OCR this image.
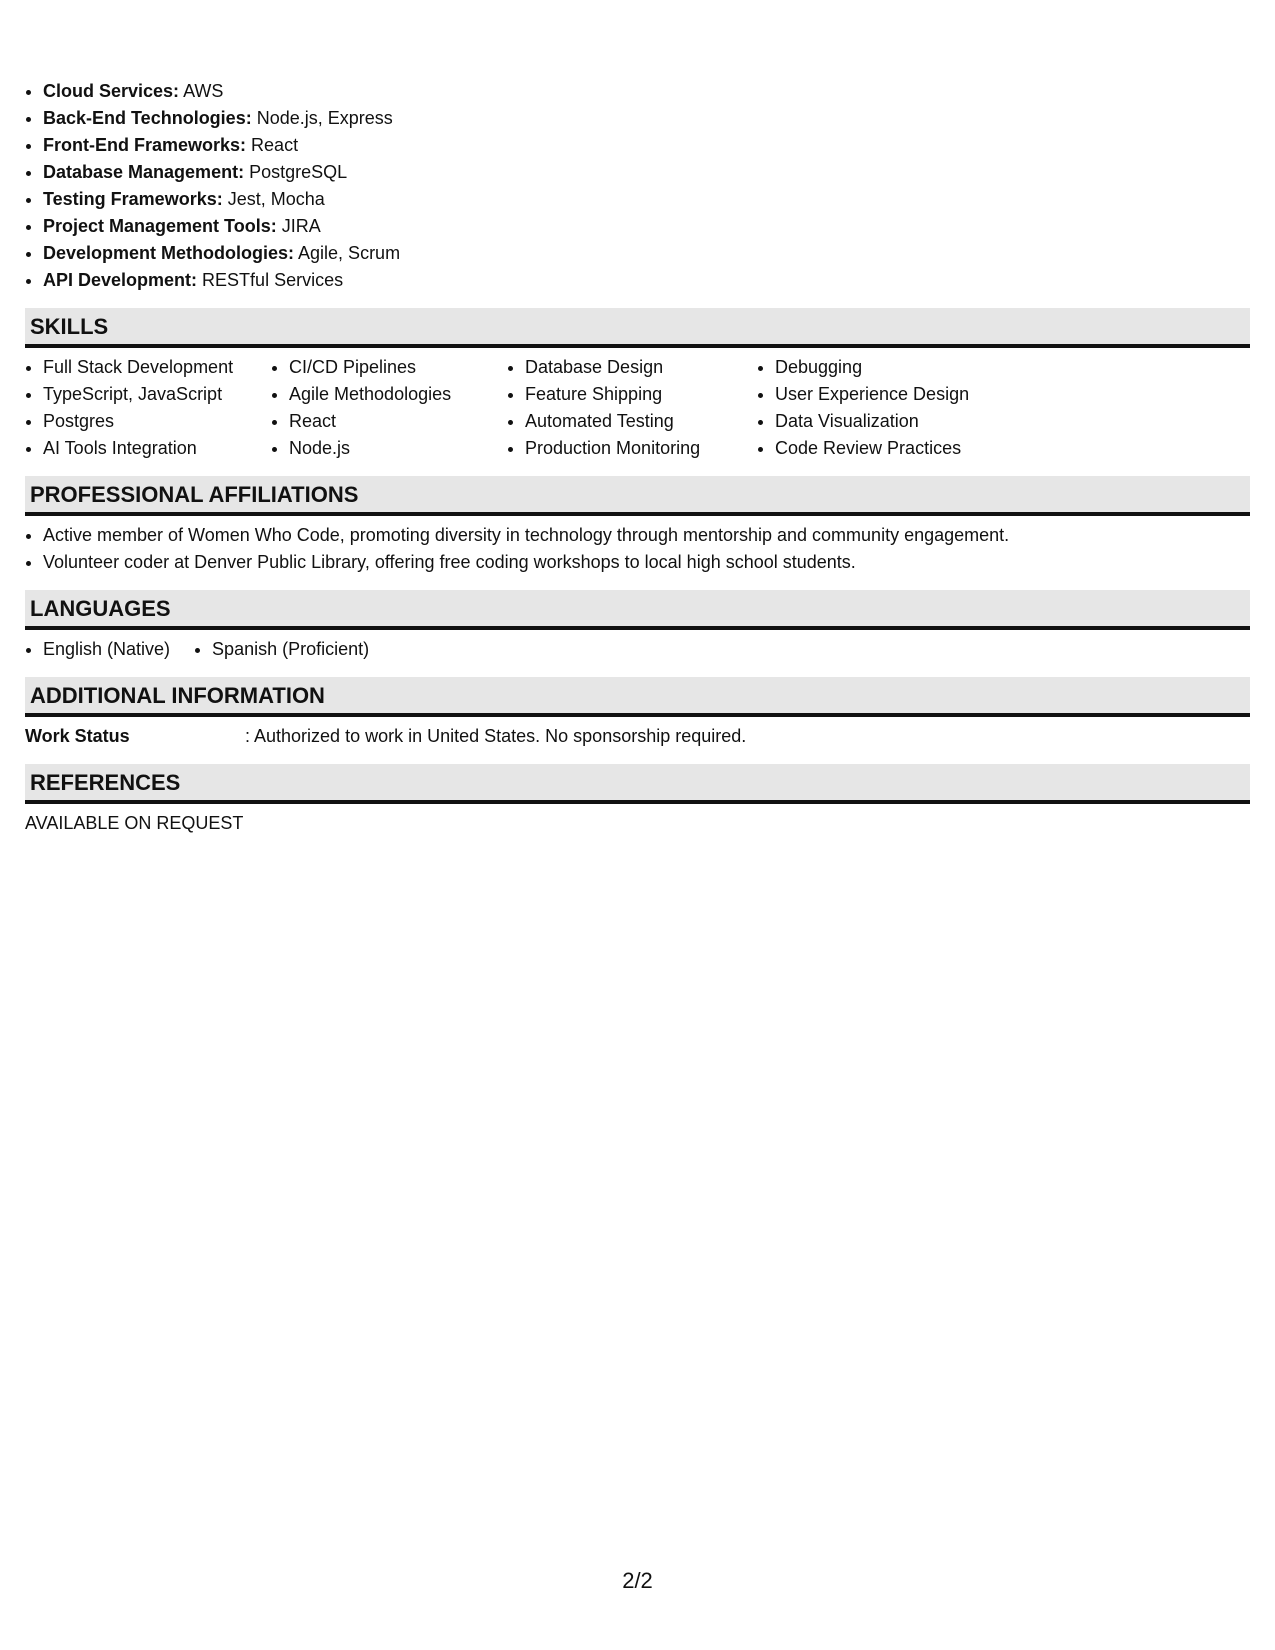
• Cloud Services: AWS
• Back-End Technologies: Node.js, Express
• Front-End Frameworks: React
• Database Management: PostgreSQL
• Testing Frameworks: Jest, Mocha
• Project Management Tools: JIRA
• Development Methodologies: Agile, Scrum
• API Development: RESTful Services
SKILLS
• Full Stack Development
• TypeScript, JavaScript
• Postgres
• AI Tools Integration
• CI/CD Pipelines
• Agile Methodologies
• React
• Node.js
• Database Design
• Feature Shipping
• Automated Testing
• Production Monitoring
• Debugging
• User Experience Design
• Data Visualization
• Code Review Practices
PROFESSIONAL AFFILIATIONS
• Active member of Women Who Code, promoting diversity in technology through mentorship and community engagement.
• Volunteer coder at Denver Public Library, offering free coding workshops to local high school students.
LANGUAGES
• English (Native)
• Spanish (Proficient)
ADDITIONAL INFORMATION
Work Status	: Authorized to work in United States. No sponsorship required.
REFERENCES
AVAILABLE ON REQUEST
2/2
